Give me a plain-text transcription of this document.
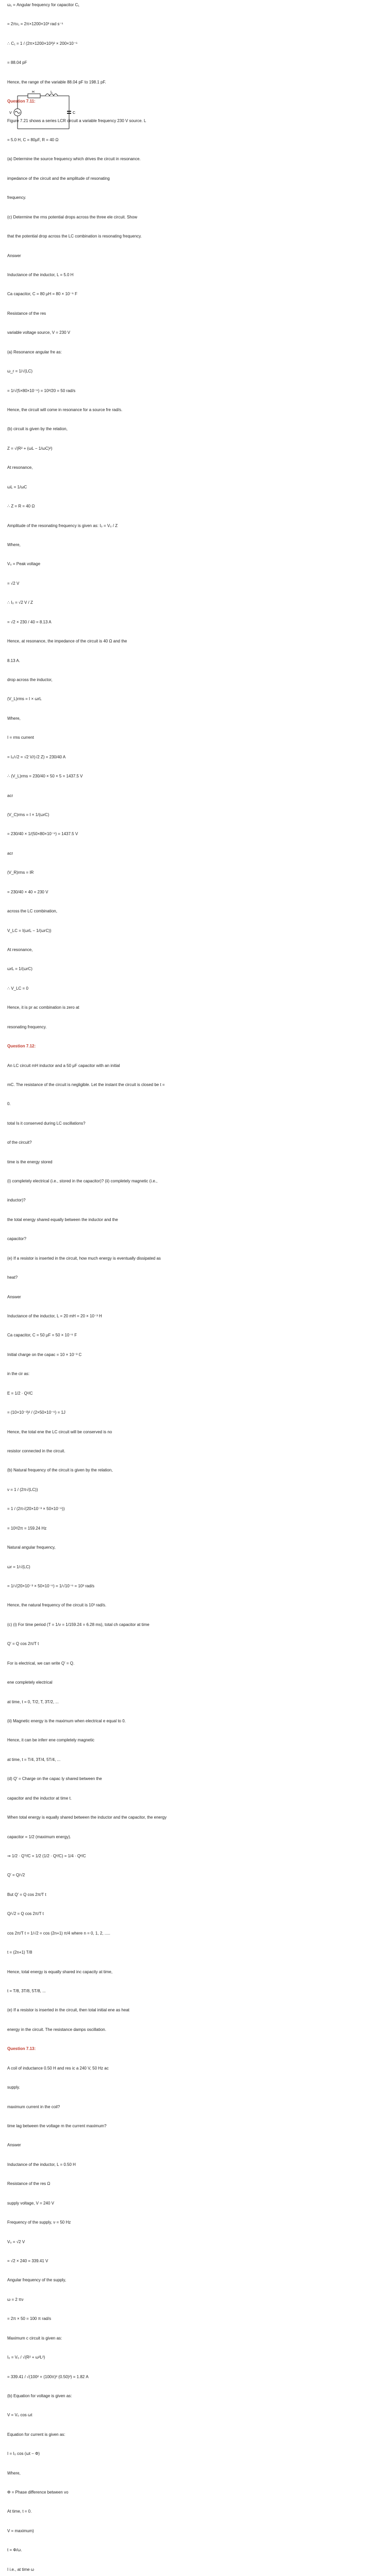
ω₁ = Angular frequency for capacitor C₁
= 2πν₁ = 2π×1200×10³ rad s⁻¹
∴ C₁ = 1 / (2π×1200×10³)² × 200×10⁻⁶
= 88.04 pF
Hence, the range of the variable 88.04 pF to 198.1 pF.
Question 7.11:
Figure 7.21 shows a series LCR circuit a variable frequency 230 V source. L
= 5.0 H, C = 80μF, R = 40 Ω
(a) Determine the source frequency which drives the circuit in resonance.
impedance of the circuit and the amplitude of resonating
frequency.
(c) Determine the rms potential drops across the three ele circuit. Show
that the potential drop across the LC combination is resonating frequency.
Answer
Inductance of the inductor, L = 5.0 H
Ca capacitor, C = 80 μH = 80 × 10⁻⁶ F
Resistance of the res
variable voltage source, V = 230 V
(a) Resonance angular fre as:
ω_r = 1/√(LC)
= 1/√(5×80×10⁻⁶) = 10³/20 = 50 rad/s
Hence, the circuit will come in resonance for a source fre rad/s.
(b) circuit is given by the relation,
Z = √(R² + (ωL − 1/ωC)²)
At resonance,
ωL = 1/ωC
∴ Z = R = 40 Ω
Amplitude of the resonating frequency is given as: I₀ = V₀ / Z
Where,
V₀ = Peak voltage
= √2 V
∴ I₀ = √2 V / Z
= √2 × 230 / 40 = 8.13 A
Hence, at resonance, the impedance of the circuit is 40 Ω and the
8.13 A.
drop across the inductor,
(V_L)rms = I × ωrL
Where,
I = rms current
= I₀/√2 = √2 V/(√2 Z) = 230/40 A
∴ (V_L)rms = 230/40 × 50 × 5 = 1437.5 V
acr
(V_C)rms = I × 1/(ωrC)
= 230/40 × 1/(50×80×10⁻⁶) = 1437.5 V
acr
(V_R)rms = IR
= 230/40 × 40 = 230 V
across the LC combination,
V_LC = I(ωrL − 1/(ωrC))
At resonance,
ωrL = 1/(ωrC)
∴ V_LC = 0
Hence, it is pr ac combination is zero at
resonating frequency.
Question 7.12:
An LC circuit mH inductor and a 50 μF capacitor with an initial
mC. The resistance of the circuit is negligible. Let the instant the circuit is closed be t =
0.
total Is it conserved during LC oscillations?
of the circuit?
time is the energy stored
(i) completely electrical (i.e., stored in the capacitor)? (ii) completely magnetic (i.e.,
inductor)?
the total energy shared equally between the inductor and the
capacitor?
(e) If a resistor is inserted in the circuit, how much energy is eventually dissipated as
heat?
Answer
Inductance of the inductor, L = 20 mH = 20 × 10⁻³ H
Ca capacitor, C = 50 μF = 50 × 10⁻⁶ F
Initial charge on the capac = 10 × 10⁻³ C
in the cir as:
E = 1/2 · Q²/C
= (10×10⁻³)² / (2×50×10⁻⁶) = 1J
Hence, the total ene the LC circuit will be conserved is no
resistor connected in the circuit.
(b) Natural frequency of the circuit is given by the relation,
ν = 1 / (2π√(LC))
= 1 / (2π√(20×10⁻³ × 50×10⁻⁶))
= 10³/2π = 159.24 Hz
Natural angular frequency,
ωr = 1/√(LC)
= 1/√(20×10⁻³ × 50×10⁻⁶) = 1/√10⁻⁶ = 10³ rad/s
Hence, the natural frequency of the circuit is 10³ rad/s.
(c) (i) For time period (T = 1/ν = 1/159.24 = 6.28 ms), total ch capacitor at time
Q' = Q cos 2π/T t
For is electrical, we can write Q' = Q.
ene completely electrical
at time, t = 0, T/2, T, 3T/2, ...
(ii) Magnetic energy is the maximum when electrical e equal to 0.
Hence, it can be inferr ene completely magnetic
at time, t = T/4, 3T/4, 5T/4, ...
(d) Q' = Charge on the capac ly shared between the
capacitor and the inductor at time t.
When total energy is equally shared between the inductor and the capacitor, the energy
capacitor = 1/2 (maximum energy).
⇒ 1/2 · Q'²/C = 1/2 (1/2 · Q²/C) = 1/4 · Q²/C
Q' = Q/√2
But Q' = Q cos 2π/T t
Q/√2 = Q cos 2π/T t
cos 2π/T t = 1/√2 = cos (2n+1) π/4 where n = 0, 1, 2, .....
t = (2n+1) T/8
Hence, total energy is equally shared inc capacity at time,
t = T/8, 3T/8, 5T/8, ...
(e) If a resistor is inserted in the circuit, then total initial ene as heat
energy in the circuit. The resistance damps oscillation.
Question 7.13:
A coil of inductance 0.50 H and res ic a 240 V, 50 Hz ac
supply.
maximum current in the coil?
time lag between the voltage m the current maximum?
Answer
Inductance of the inductor, L = 0.50 H
Resistance of the res Ω
supply voltage, V = 240 V
Frequency of the supply, ν = 50 Hz
V₀ = √2 V
= √2 × 240 = 339.41 V
Angular frequency of the supply,
ω = 2 πν
= 2π × 50 = 100 π rad/s
Maximum c circuit is given as:
I₀ = V₀ / √(R² + ω²L²)
= 339.41 / √(100² + (100π)² (0.50)²) = 1.82 A
(b) Equation for voltage is given as:
V = V₀ cos ωt
Equation for current is given as:
I = I₀ cos (ωt − Φ)
Where,
Φ = Phase difference between vo
At time, t = 0.
V = maximum)
t = Φ/ω.
I i.e., at time ω
R	L
C
V
